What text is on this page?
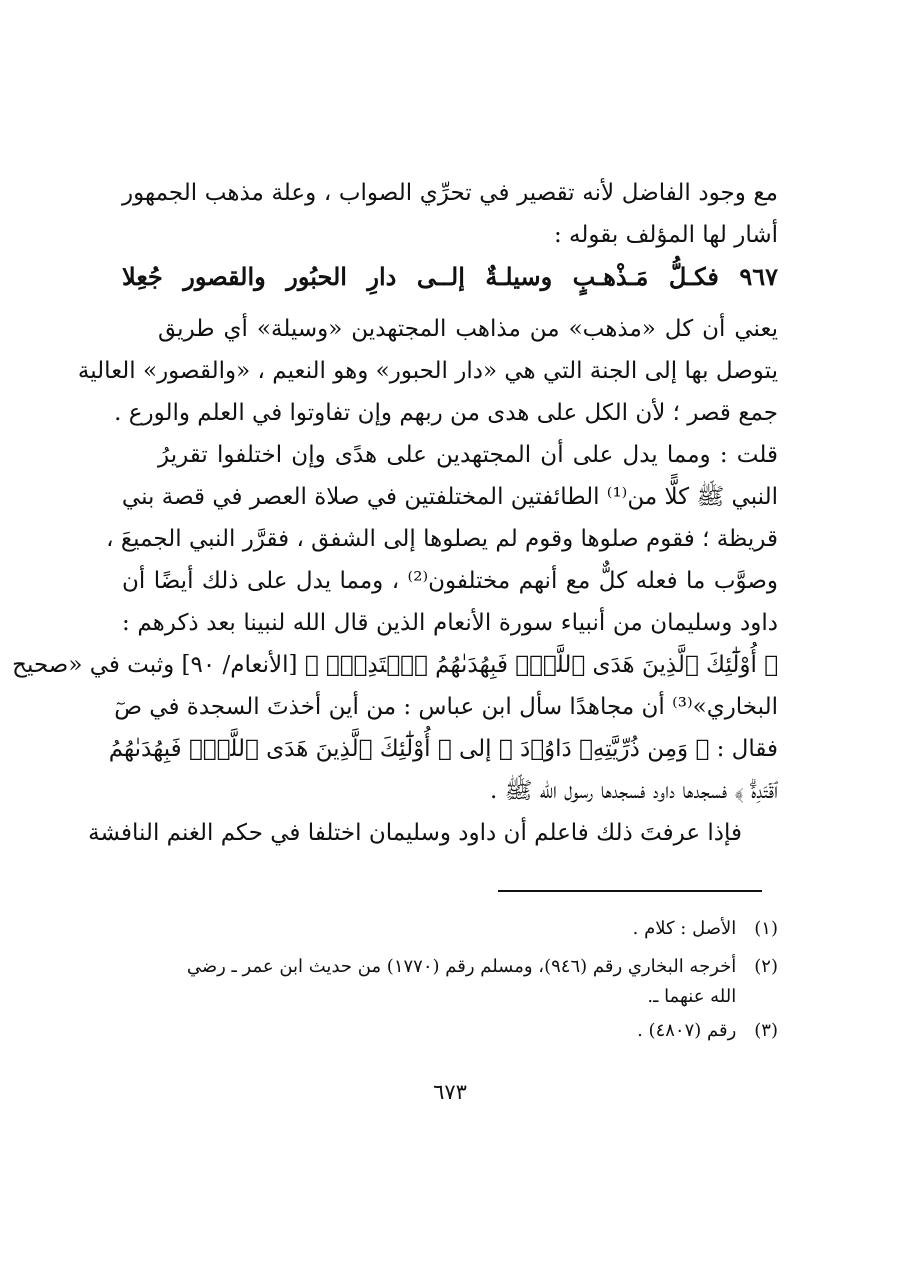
مع وجود الفاضل لأنه تقصير في تحرِّي الصواب ، وعلة مذهب الجمهور
أشار لها المؤلف بقوله :
٩٦٧ فكـلُّ مَـذْهـبٍ وسيلـةٌ إلــى دارِ الحبُور والقصور جُعِلا
يعني أن كل «مذهب» من مذاهب المجتهدين «وسيلة» أي طريق
يتوصل بها إلى الجنة التي هي «دار الحبور» وهو النعيم ، «والقصور» العالية
جمع قصر ؛ لأن الكل على هدى من ربهم وإن تفاوتوا في العلم والورع .
قلت : ومما يدل على أن المجتهدين على هدًى وإن اختلفوا تقريرُ
النبي ﷺ كلًّا من⁽¹⁾ الطائفتين المختلفتين في صلاة العصر في قصة بني
قريظة ؛ فقوم صلوها وقوم لم يصلوها إلى الشفق ، فقرَّر النبي الجميعَ ،
وصوَّب ما فعله كلٌّ مع أنهم مختلفون⁽²⁾ ، ومما يدل على ذلك أيضًا أن
داود وسليمان من أنبياء سورة الأنعام الذين قال الله لنبينا بعد ذكرهم :
﴿ أُوْلَٰٓئِكَ ٱلَّذِينَ هَدَى ٱللَّهُۖ فَبِهُدَىٰهُمُ ٱقۡتَدِهۡۗ ﴾ [الأنعام/ ٩٠] وثبت في «صحيح
البخاري»⁽³⁾ أن مجاهدًا سأل ابن عباس : من أين أخذتَ السجدة في صٓ
فقال : ﴿ وَمِن ذُرِّيَّتِهِۦ دَاوُۥدَ ﴾ إلى ﴿ أُوْلَٰٓئِكَ ٱلَّذِينَ هَدَى ٱللَّهُۖ فَبِهُدَىٰهُمُ
ٱقۡتَدِهۡۗ ﴾ فسجدها داود فسجدها رسول الله ﷺ .
فإذا عرفتَ ذلك فاعلم أن داود وسليمان اختلفا في حكم الغنم النافشة
(١) الأصل : كلام .
(٢) أخرجه البخاري رقم (٩٤٦)، ومسلم رقم (١٧٧٠) من حديث ابن عمر ـ رضي
الله عنهما ـ.
(٣) رقم (٤٨٠٧) .
٦٧٣
